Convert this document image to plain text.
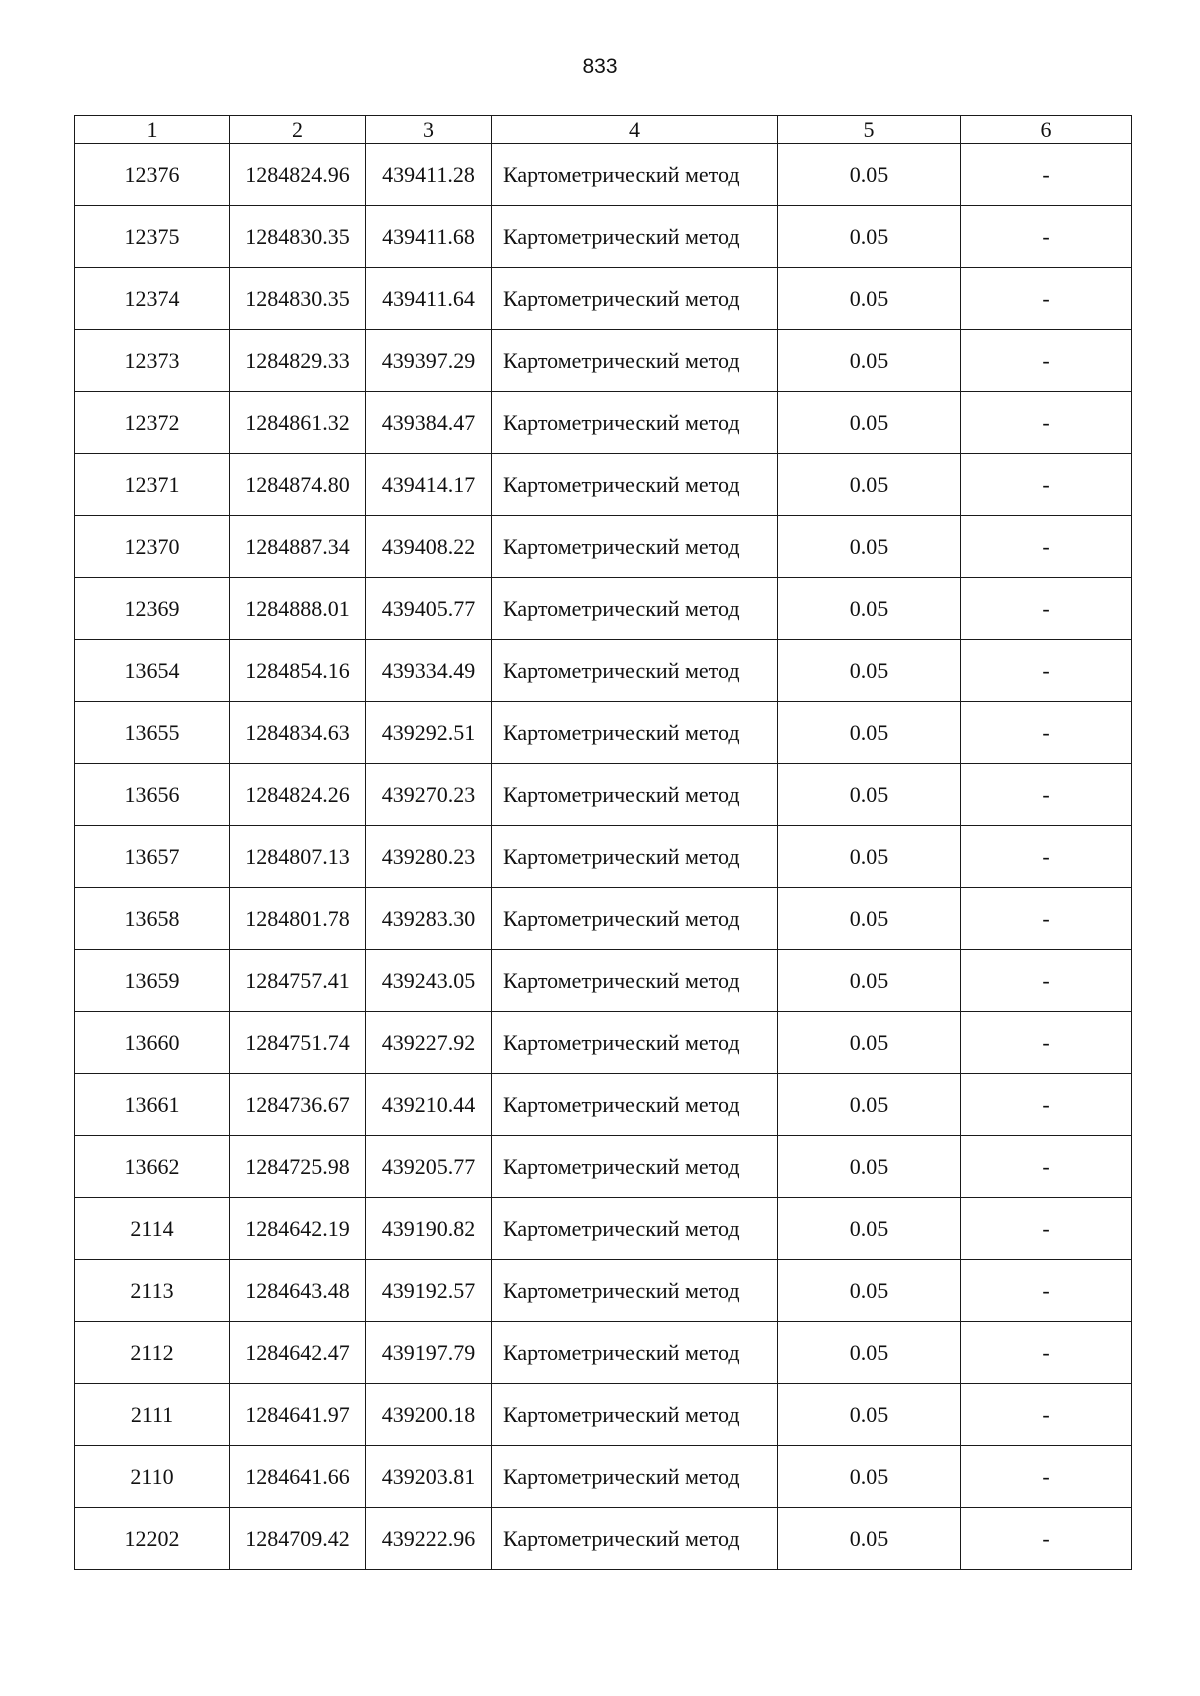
833
1	2	3	4	5	6
12376	1284824.96	439411.28	Картометрический метод	0.05	-
12375	1284830.35	439411.68	Картометрический метод	0.05	-
12374	1284830.35	439411.64	Картометрический метод	0.05	-
12373	1284829.33	439397.29	Картометрический метод	0.05	-
12372	1284861.32	439384.47	Картометрический метод	0.05	-
12371	1284874.80	439414.17	Картометрический метод	0.05	-
12370	1284887.34	439408.22	Картометрический метод	0.05	-
12369	1284888.01	439405.77	Картометрический метод	0.05	-
13654	1284854.16	439334.49	Картометрический метод	0.05	-
13655	1284834.63	439292.51	Картометрический метод	0.05	-
13656	1284824.26	439270.23	Картометрический метод	0.05	-
13657	1284807.13	439280.23	Картометрический метод	0.05	-
13658	1284801.78	439283.30	Картометрический метод	0.05	-
13659	1284757.41	439243.05	Картометрический метод	0.05	-
13660	1284751.74	439227.92	Картометрический метод	0.05	-
13661	1284736.67	439210.44	Картометрический метод	0.05	-
13662	1284725.98	439205.77	Картометрический метод	0.05	-
2114	1284642.19	439190.82	Картометрический метод	0.05	-
2113	1284643.48	439192.57	Картометрический метод	0.05	-
2112	1284642.47	439197.79	Картометрический метод	0.05	-
2111	1284641.97	439200.18	Картометрический метод	0.05	-
2110	1284641.66	439203.81	Картометрический метод	0.05	-
12202	1284709.42	439222.96	Картометрический метод	0.05	-
